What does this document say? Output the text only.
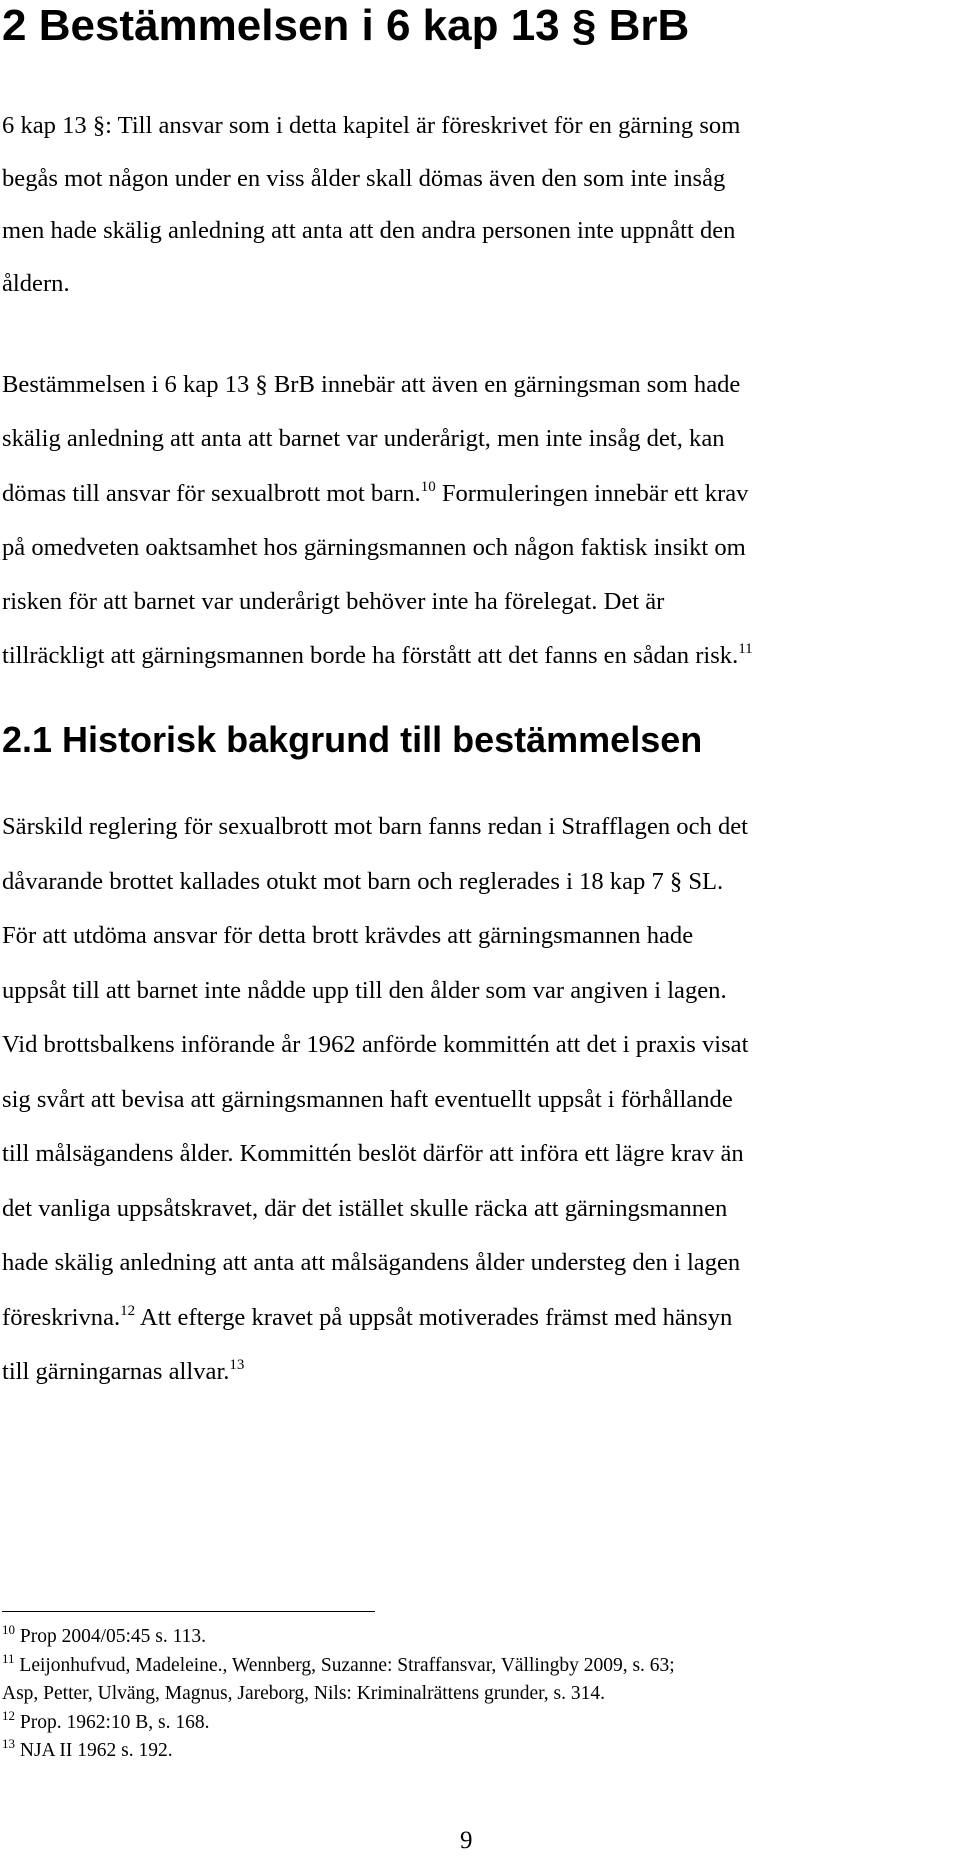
2 Bestämmelsen i 6 kap 13 § BrB
6 kap 13 §: Till ansvar som i detta kapitel är föreskrivet för en gärning som
begås mot någon under en viss ålder skall dömas även den som inte insåg
men hade skälig anledning att anta att den andra personen inte uppnått den
åldern.
Bestämmelsen i 6 kap 13 § BrB innebär att även en gärningsman som hade
skälig anledning att anta att barnet var underårigt, men inte insåg det, kan
dömas till ansvar för sexualbrott mot barn.$^{10}$ Formuleringen innebär ett krav
på omedveten oaktsamhet hos gärningsmannen och någon faktisk insikt om
risken för att barnet var underårigt behöver inte ha förelegat. Det är
tillräckligt att gärningsmannen borde ha förstått att det fanns en sådan risk.$^{11}$
2.1 Historisk bakgrund till bestämmelsen
Särskild reglering för sexualbrott mot barn fanns redan i Strafflagen och det
dåvarande brottet kallades otukt mot barn och reglerades i 18 kap 7 § SL.
För att utdöma ansvar för detta brott krävdes att gärningsmannen hade
uppsåt till att barnet inte nådde upp till den ålder som var angiven i lagen.
Vid brottsbalkens införande år 1962 anförde kommittén att det i praxis visat
sig svårt att bevisa att gärningsmannen haft eventuellt uppsåt i förhållande
till målsägandens ålder. Kommittén beslöt därför att införa ett lägre krav än
det vanliga uppsåtskravet, där det istället skulle räcka att gärningsmannen
hade skälig anledning att anta att målsägandens ålder understeg den i lagen
föreskrivna.$^{12}$ Att efterge kravet på uppsåt motiverades främst med hänsyn
till gärningarnas allvar.$^{13}$
$^{10}$ Prop 2004/05:45 s. 113.
$^{11}$ Leijonhufvud, Madeleine., Wennberg, Suzanne: Straffansvar, Vällingby 2009, s. 63;
Asp, Petter, Ulväng, Magnus, Jareborg, Nils: Kriminalrättens grunder, s. 314.
$^{12}$ Prop. 1962:10 B, s. 168.
$^{13}$ NJA II 1962 s. 192.
9
